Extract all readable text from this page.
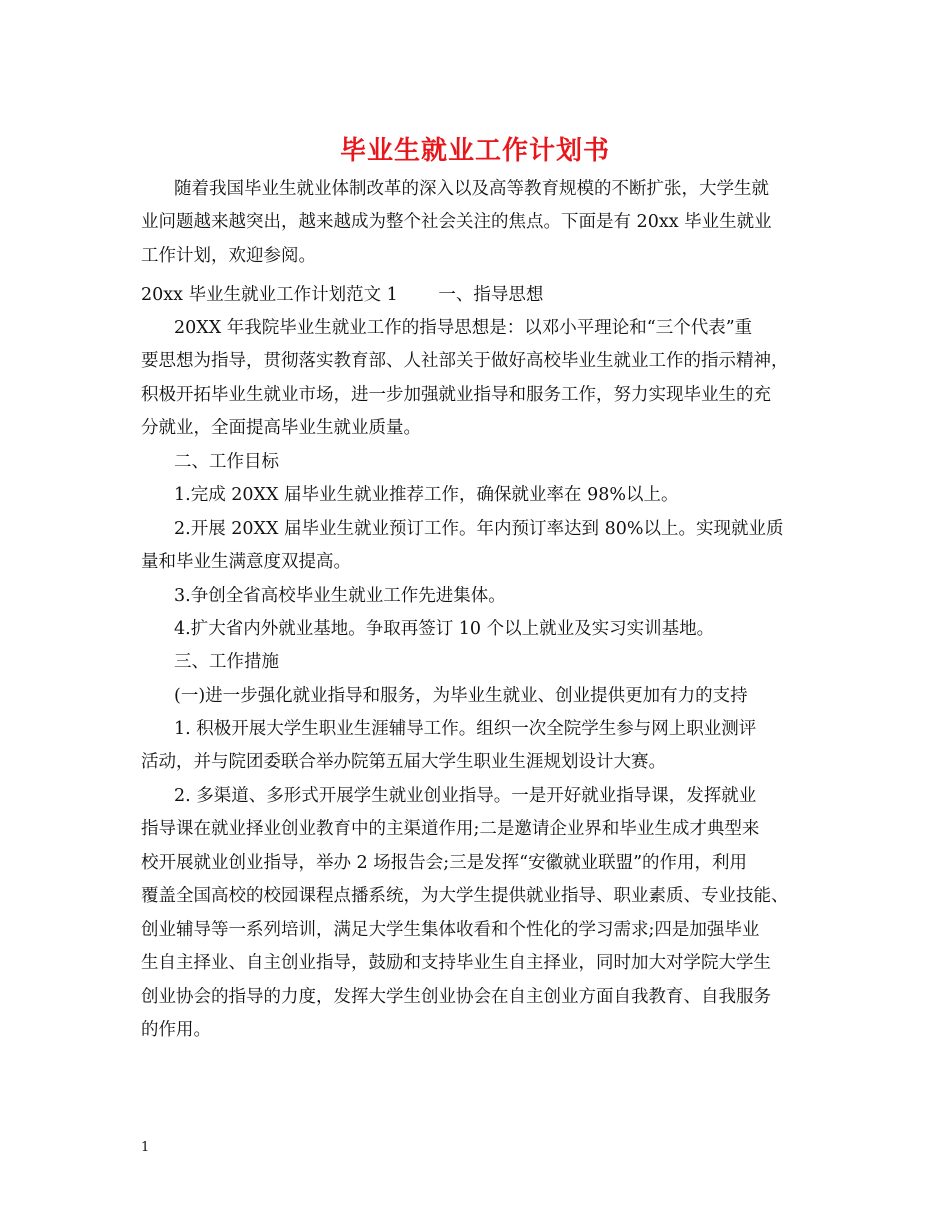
毕业生就业工作计划书
随着我国毕业生就业体制改革的深入以及高等教育规模的不断扩张，大学生就
业问题越来越突出，越来越成为整个社会关注的焦点。下面是有 20xx 毕业生就业
工作计划，欢迎参阅。
20xx 毕业生就业工作计划范文 1　　 一、指导思想
20XX 年我院毕业生就业工作的指导思想是：以邓小平理论和“三个代表”重
要思想为指导，贯彻落实教育部、人社部关于做好高校毕业生就业工作的指示精神，
积极开拓毕业生就业市场，进一步加强就业指导和服务工作，努力实现毕业生的充
分就业，全面提高毕业生就业质量。
二、工作目标
1.完成 20XX 届毕业生就业推荐工作，确保就业率在 98%以上。
2.开展 20XX 届毕业生就业预订工作。年内预订率达到 80%以上。实现就业质
量和毕业生满意度双提高。
3.争创全省高校毕业生就业工作先进集体。
4.扩大省内外就业基地。争取再签订 10 个以上就业及实习实训基地。
三、工作措施
(一)进一步强化就业指导和服务，为毕业生就业、创业提供更加有力的支持
1. 积极开展大学生职业生涯辅导工作。组织一次全院学生参与网上职业测评
活动，并与院团委联合举办院第五届大学生职业生涯规划设计大赛。
2. 多渠道、多形式开展学生就业创业指导。一是开好就业指导课，发挥就业
指导课在就业择业创业教育中的主渠道作用;二是邀请企业界和毕业生成才典型来
校开展就业创业指导，举办 2 场报告会;三是发挥“安徽就业联盟”的作用，利用
覆盖全国高校的校园课程点播系统，为大学生提供就业指导、职业素质、专业技能、
创业辅导等一系列培训，满足大学生集体收看和个性化的学习需求;四是加强毕业
生自主择业、自主创业指导，鼓励和支持毕业生自主择业，同时加大对学院大学生
创业协会的指导的力度，发挥大学生创业协会在自主创业方面自我教育、自我服务
的作用。
1
